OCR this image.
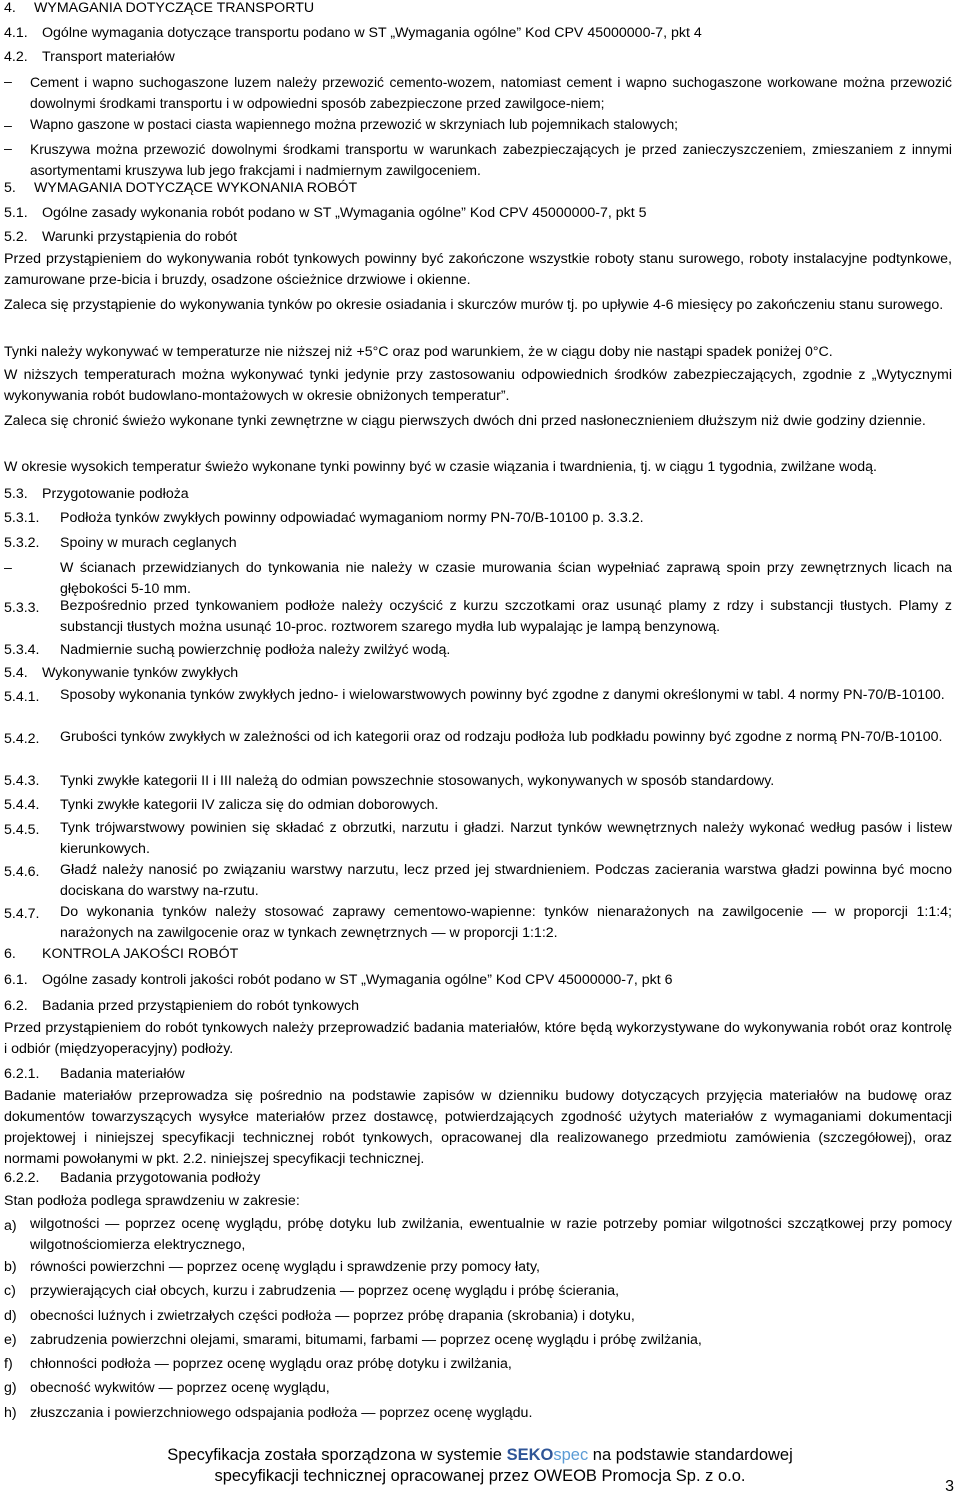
4. WYMAGANIA DOTYCZĄCE TRANSPORTU
4.1. Ogólne wymagania dotyczące transportu podano w ST „Wymagania ogólne” Kod CPV 45000000-7, pkt 4
4.2. Transport materiałów
–	Cement i wapno suchogaszone luzem należy przewozić cemento-wozem, natomiast cement i wapno suchogaszone workowane można przewozić dowolnymi środkami transportu i w odpowiedni sposób zabezpieczone przed zawilgoce-niem;
–	Wapno gaszone w postaci ciasta wapiennego można przewozić w skrzyniach lub pojemnikach stalowych;
–	Kruszywa można przewozić dowolnymi środkami transportu w warunkach zabezpieczających je przed zanieczyszczeniem, zmieszaniem z innymi asortymentami kruszywa lub jego frakcjami i nadmiernym zawilgoceniem.
5. WYMAGANIA DOTYCZĄCE WYKONANIA ROBÓT
5.1. Ogólne zasady wykonania robót podano w ST „Wymagania ogólne” Kod CPV 45000000-7, pkt 5
5.2. Warunki przystąpienia do robót
Przed przystąpieniem do wykonywania robót tynkowych powinny być zakończone wszystkie roboty stanu surowego, roboty instalacyjne podtynkowe, zamurowane prze-bicia i bruzdy, osadzone ościeżnice drzwiowe i okienne.
Zaleca się przystąpienie do wykonywania tynków po okresie osiadania i skurczów murów tj. po upływie 4-6 miesięcy po zakończeniu stanu surowego.
Tynki należy wykonywać w temperaturze nie niższej niż +5°C oraz pod warunkiem, że w ciągu doby nie nastąpi spadek poniżej 0°C.
W niższych temperaturach można wykonywać tynki jedynie przy zastosowaniu odpowiednich środków zabezpieczających, zgodnie z „Wytycznymi wykonywania robót budowlano-montażowych w okresie obniżonych temperatur”.
Zaleca się chronić świeżo wykonane tynki zewnętrzne w ciągu pierwszych dwóch dni przed nasłonecznieniem dłuższym niż dwie godziny dziennie.
W okresie wysokich temperatur świeżo wykonane tynki powinny być w czasie wiązania i twardnienia, tj. w ciągu 1 tygodnia, zwilżane wodą.
5.3. Przygotowanie podłoża
5.3.1. Podłoża tynków zwykłych powinny odpowiadać wymaganiom normy PN-70/B-10100 p. 3.3.2.
5.3.2. Spoiny w murach ceglanych
–	W ścianach przewidzianych do tynkowania nie należy w czasie murowania ścian wypełniać zaprawą spoin przy zewnętrznych licach na głębokości 5-10 mm.
5.3.3. Bezpośrednio przed tynkowaniem podłoże należy oczyścić z kurzu szczotkami oraz usunąć plamy z rdzy i substancji tłustych. Plamy z substancji tłustych można usunąć 10-proc. roztworem szarego mydła lub wypalając je lampą benzynową.
5.3.4. Nadmiernie suchą powierzchnię podłoża należy zwilżyć wodą.
5.4. Wykonywanie tynków zwykłych
5.4.1. Sposoby wykonania tynków zwykłych jedno- i wielowarstwowych powinny być zgodne z danymi określonymi w tabl. 4 normy PN-70/B-10100.
5.4.2. Grubości tynków zwykłych w zależności od ich kategorii oraz od rodzaju podłoża lub podkładu powinny być zgodne z normą PN-70/B-10100.
5.4.3. Tynki zwykłe kategorii II i III należą do odmian powszechnie stosowanych, wykonywanych w sposób standardowy.
5.4.4. Tynki zwykłe kategorii IV zalicza się do odmian doborowych.
5.4.5. Tynk trójwarstwowy powinien się składać z obrzutki, narzutu i gładzi. Narzut tynków wewnętrznych należy wykonać według pasów i listew kierunkowych.
5.4.6. Gładź należy nanosić po związaniu warstwy narzutu, lecz przed jej stwardnieniem. Podczas zacierania warstwa gładzi powinna być mocno dociskana do warstwy na-rzutu.
5.4.7. Do wykonania tynków należy stosować zaprawy cementowo-wapienne: tynków nienarażonych na zawilgocenie — w proporcji 1:1:4; narażonych na zawilgocenie oraz w tynkach zewnętrznych — w proporcji 1:1:2.
6. KONTROLA JAKOŚCI ROBÓT
6.1. Ogólne zasady kontroli jakości robót podano w ST „Wymagania ogólne” Kod CPV 45000000-7, pkt 6
6.2. Badania przed przystąpieniem do robót tynkowych
Przed przystąpieniem do robót tynkowych należy przeprowadzić badania materiałów, które będą wykorzystywane do wykonywania robót oraz kontrolę i odbiór (międzyoperacyjny) podłoży.
6.2.1. Badania materiałów
Badanie materiałów przeprowadza się pośrednio na podstawie zapisów w dzienniku budowy dotyczących przyjęcia materiałów na budowę oraz dokumentów towarzyszących wysyłce materiałów przez dostawcę, potwierdzających zgodność użytych materiałów z wymaganiami dokumentacji projektowej i niniejszej specyfikacji technicznej robót tynkowych, opracowanej dla realizowanego przedmiotu zamówienia (szczegółowej), oraz normami powołanymi w pkt. 2.2. niniejszej specyfikacji technicznej.
6.2.2. Badania przygotowania podłoży
Stan podłoża podlega sprawdzeniu w zakresie:
a) wilgotności — poprzez ocenę wyglądu, próbę dotyku lub zwilżania, ewentualnie w razie potrzeby pomiar wilgotności szczątkowej przy pomocy wilgotnościomierza elektrycznego,
b) równości powierzchni — poprzez ocenę wyglądu i sprawdzenie przy pomocy łaty,
c) przywierających ciał obcych, kurzu i zabrudzenia — poprzez ocenę wyglądu i próbę ścierania,
d) obecności luźnych i zwietrzałych części podłoża — poprzez próbę drapania (skrobania) i dotyku,
e) zabrudzenia powierzchni olejami, smarami, bitumami, farbami — poprzez ocenę wyglądu i próbę zwilżania,
f) chłonności podłoża — poprzez ocenę wyglądu oraz próbę dotyku i zwilżania,
g) obecność wykwitów — poprzez ocenę wyglądu,
h) złuszczania i powierzchniowego odspajania podłoża — poprzez ocenę wyglądu.
Specyfikacja została sporządzona w systemie SEKOspec na podstawie standardowej
specyfikacji technicznej opracowanej przez OWEOB Promocja Sp. z o.o.
3
